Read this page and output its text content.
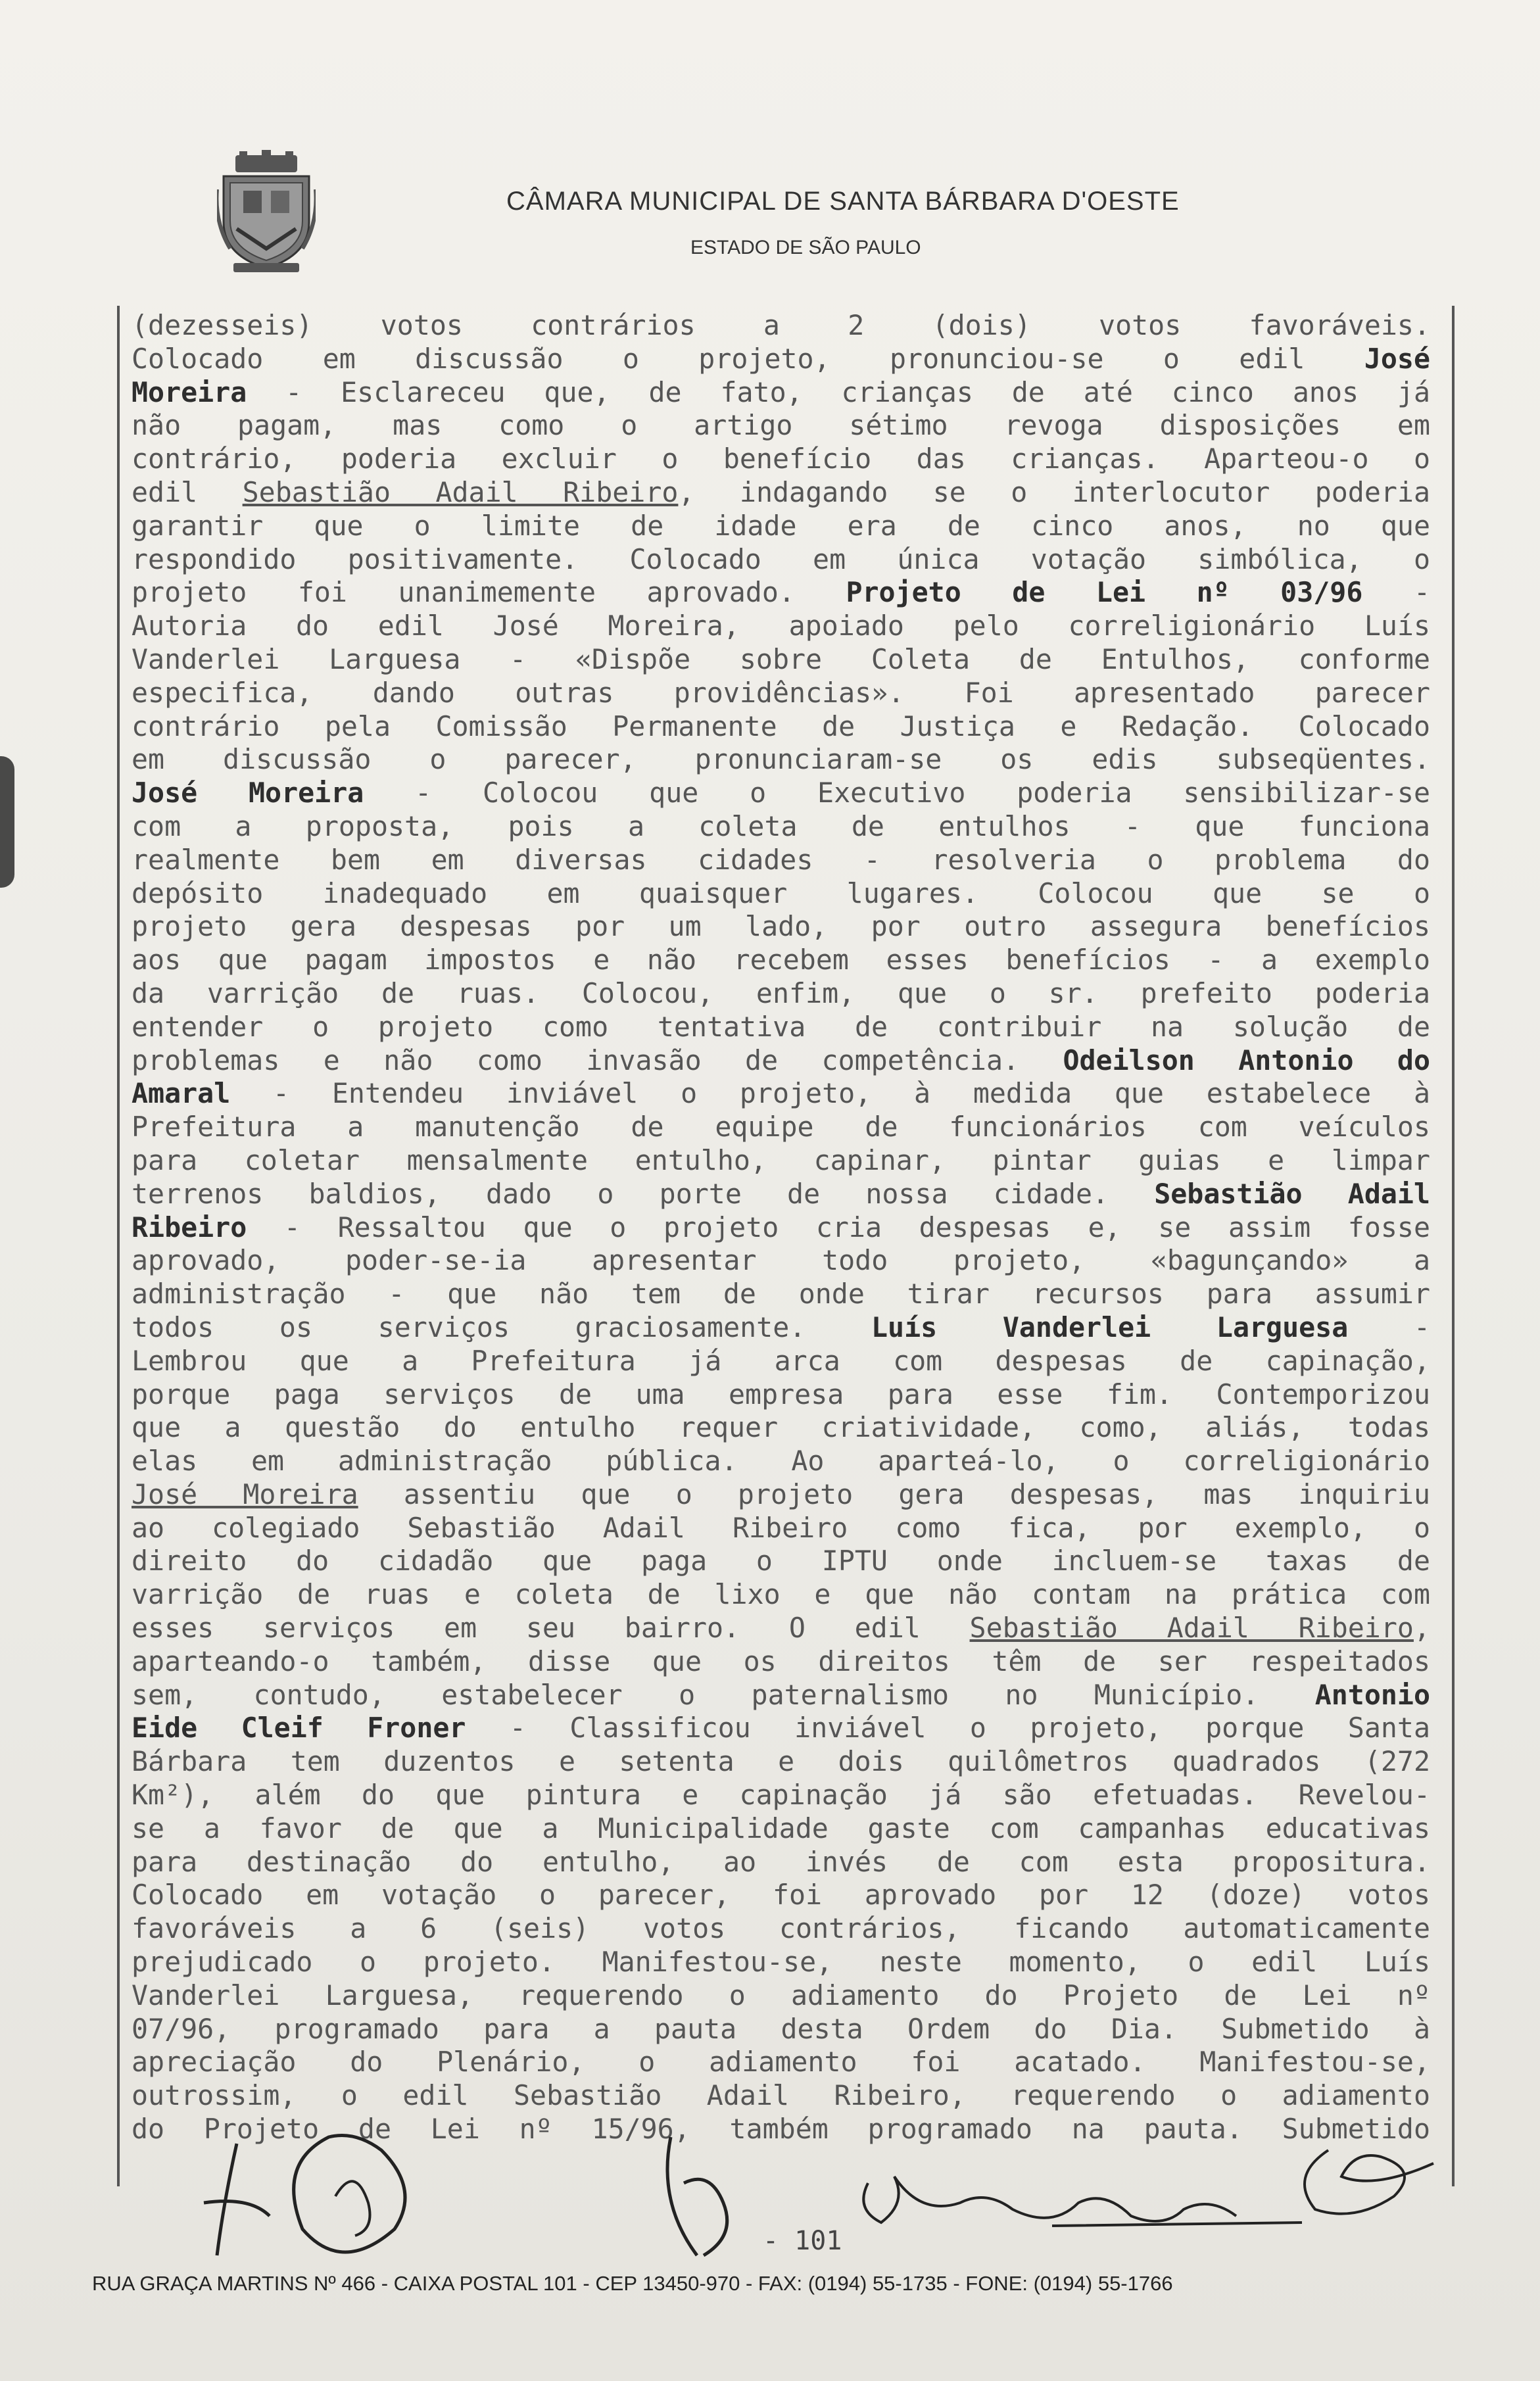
CÂMARA MUNICIPAL DE SANTA BÁRBARA D'OESTE
ESTADO DE SÃO PAULO
(dezesseis) votos contrários a 2 (dois) votos favoráveis.
Colocado em discussão o projeto, pronunciou-se o edil José
Moreira - Esclareceu que, de fato, crianças de até cinco anos já
não pagam, mas como o artigo sétimo revoga disposições em
contrário, poderia excluir o benefício das crianças. Aparteou-o o
edil Sebastião Adail Ribeiro, indagando se o interlocutor poderia
garantir que o limite de idade era de cinco anos, no que
respondido positivamente. Colocado em única votação simbólica, o
projeto foi unanimemente aprovado. Projeto de Lei nº 03/96 -
Autoria do edil José Moreira, apoiado pelo correligionário Luís
Vanderlei Larguesa - «Dispõe sobre Coleta de Entulhos, conforme
especifica, dando outras providências». Foi apresentado parecer
contrário pela Comissão Permanente de Justiça e Redação. Colocado
em discussão o parecer, pronunciaram-se os edis subseqüentes.
José Moreira - Colocou que o Executivo poderia sensibilizar-se
com a proposta, pois a coleta de entulhos - que funciona
realmente bem em diversas cidades - resolveria o problema do
depósito inadequado em quaisquer lugares. Colocou que se o
projeto gera despesas por um lado, por outro assegura benefícios
aos que pagam impostos e não recebem esses benefícios - a exemplo
da varrição de ruas. Colocou, enfim, que o sr. prefeito poderia
entender o projeto como tentativa de contribuir na solução de
problemas e não como invasão de competência. Odeilson Antonio do
Amaral - Entendeu inviável o projeto, à medida que estabelece à
Prefeitura a manutenção de equipe de funcionários com veículos
para coletar mensalmente entulho, capinar, pintar guias e limpar
terrenos baldios, dado o porte de nossa cidade. Sebastião Adail
Ribeiro - Ressaltou que o projeto cria despesas e, se assim fosse
aprovado, poder-se-ia apresentar todo projeto, «bagunçando» a
administração - que não tem de onde tirar recursos para assumir
todos os serviços graciosamente. Luís Vanderlei Larguesa -
Lembrou que a Prefeitura já arca com despesas de capinação,
porque paga serviços de uma empresa para esse fim. Contemporizou
que a questão do entulho requer criatividade, como, aliás, todas
elas em administração pública. Ao aparteá-lo, o correligionário
José Moreira assentiu que o projeto gera despesas, mas inquiriu
ao colegiado Sebastião Adail Ribeiro como fica, por exemplo, o
direito do cidadão que paga o IPTU onde incluem-se taxas de
varrição de ruas e coleta de lixo e que não contam na prática com
esses serviços em seu bairro. O edil Sebastião Adail Ribeiro,
aparteando-o também, disse que os direitos têm de ser respeitados
sem, contudo, estabelecer o paternalismo no Município. Antonio
Eide Cleif Froner - Classificou inviável o projeto, porque Santa
Bárbara tem duzentos e setenta e dois quilômetros quadrados (272
Km²), além do que pintura e capinação já são efetuadas. Revelou-
se a favor de que a Municipalidade gaste com campanhas educativas
para destinação do entulho, ao invés de com esta propositura.
Colocado em votação o parecer, foi aprovado por 12 (doze) votos
favoráveis a 6 (seis) votos contrários, ficando automaticamente
prejudicado o projeto. Manifestou-se, neste momento, o edil Luís
Vanderlei Larguesa, requerendo o adiamento do Projeto de Lei nº
07/96, programado para a pauta desta Ordem do Dia. Submetido à
apreciação do Plenário, o adiamento foi acatado. Manifestou-se,
outrossim, o edil Sebastião Adail Ribeiro, requerendo o adiamento
do Projeto de Lei nº 15/96, também programado na pauta. Submetido
- 101
RUA GRAÇA MARTINS Nº 466 - CAIXA POSTAL 101 - CEP 13450-970 - FAX: (0194) 55-1735 - FONE: (0194) 55-1766
